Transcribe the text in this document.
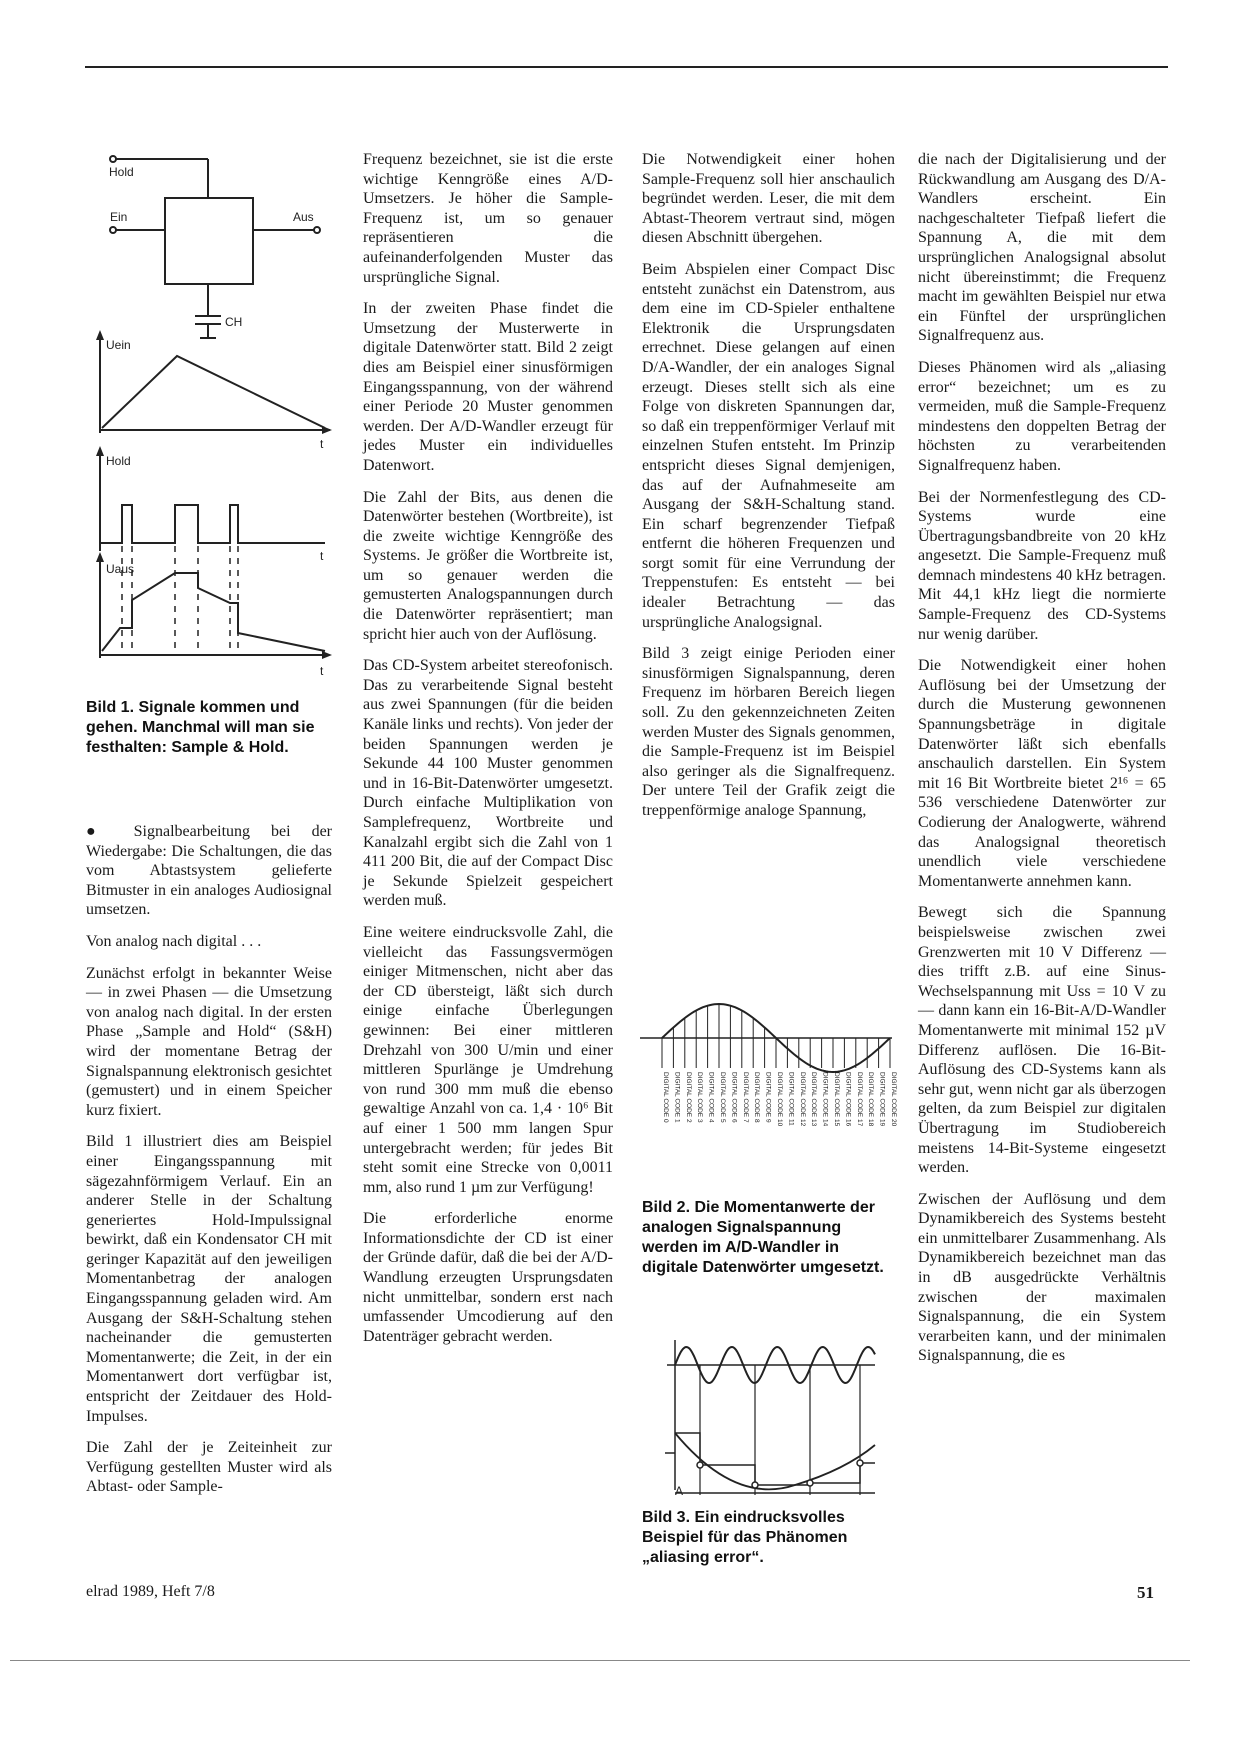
Hold
Ein	Aus
CH
Uein
Hold
Uaus
t
t
t
Bild 1. Signale kommen und gehen. Manchmal will man sie festhalten: Sample & Hold.

● Signalbearbeitung bei der Wiedergabe: Die Schaltungen, die das vom Abtastsystem gelieferte Bitmuster in ein analoges Audiosignal umsetzen.

Von analog nach digital . . .

Zunächst erfolgt in bekannter Weise — in zwei Phasen — die Umsetzung von analog nach digital. In der ersten Phase „Sample and Hold“ (S&H) wird der momentane Betrag der Signalspannung elektronisch gesichtet (gemustert) und in einem Speicher kurz fixiert.

Bild 1 illustriert dies am Beispiel einer Eingangsspannung mit sägezahnförmigem Verlauf. Ein an anderer Stelle in der Schaltung generiertes Hold-Impulssignal bewirkt, daß ein Kondensator CH mit geringer Kapazität auf den jeweiligen Momentanbetrag der analogen Eingangsspannung geladen wird. Am Ausgang der S&H-Schaltung stehen nacheinander die gemusterten Momentanwerte; die Zeit, in der ein Momentanwert dort verfügbar ist, entspricht der Zeitdauer des Hold-Impulses.

Die Zahl der je Zeiteinheit zur Verfügung gestellten Muster wird als Abtast- oder Sample-

Frequenz bezeichnet, sie ist die erste wichtige Kenngröße eines A/D-Umsetzers. Je höher die Sample-Frequenz ist, um so genauer repräsentieren die aufeinanderfolgenden Muster das ursprüngliche Signal.

In der zweiten Phase findet die Umsetzung der Musterwerte in digitale Datenwörter statt. Bild 2 zeigt dies am Beispiel einer sinusförmigen Eingangsspannung, von der während einer Periode 20 Muster genommen werden. Der A/D-Wandler erzeugt für jedes Muster ein individuelles Datenwort.

Die Zahl der Bits, aus denen die Datenwörter bestehen (Wortbreite), ist die zweite wichtige Kenngröße des Systems. Je größer die Wortbreite ist, um so genauer werden die gemusterten Analogspannungen durch die Datenwörter repräsentiert; man spricht hier auch von der Auflösung.

Das CD-System arbeitet stereofonisch. Das zu verarbeitende Signal besteht aus zwei Spannungen (für die beiden Kanäle links und rechts). Von jeder der beiden Spannungen werden je Sekunde 44 100 Muster genommen und in 16-Bit-Datenwörter umgesetzt. Durch einfache Multiplikation von Samplefrequenz, Wortbreite und Kanalzahl ergibt sich die Zahl von 1 411 200 Bit, die auf der Compact Disc je Sekunde Spielzeit gespeichert werden muß.

Eine weitere eindrucksvolle Zahl, die vielleicht das Fassungsvermögen einiger Mitmenschen, nicht aber das der CD übersteigt, läßt sich durch einige einfache Überlegungen gewinnen: Bei einer mittleren Drehzahl von 300 U/min und einer mittleren Spurlänge je Umdrehung von rund 300 mm muß die ebenso gewaltige Anzahl von ca. 1,4 · 10⁶ Bit auf einer 1 500 mm langen Spur untergebracht werden; für jedes Bit steht somit eine Strecke von 0,0011 mm, also rund 1 µm zur Verfügung!

Die erforderliche enorme Informationsdichte der CD ist einer der Gründe dafür, daß die bei der A/D-Wandlung erzeugten Ursprungsdaten nicht unmittelbar, sondern erst nach umfassender Umcodierung auf den Datenträger gebracht werden.

Die Notwendigkeit einer hohen Sample-Frequenz soll hier anschaulich begründet werden. Leser, die mit dem Abtast-Theorem vertraut sind, mögen diesen Abschnitt übergehen.

Beim Abspielen einer Compact Disc entsteht zunächst ein Datenstrom, aus dem eine im CD-Spieler enthaltene Elektronik die Ursprungsdaten errechnet. Diese gelangen auf einen D/A-Wandler, der ein analoges Signal erzeugt. Dieses stellt sich als eine Folge von diskreten Spannungen dar, so daß ein treppenförmiger Verlauf mit einzelnen Stufen entsteht. Im Prinzip entspricht dieses Signal demjenigen, das auf der Aufnahmeseite am Ausgang der S&H-Schaltung stand. Ein scharf begrenzender Tiefpaß entfernt die höheren Frequenzen und sorgt somit für eine Verrundung der Treppenstufen: Es entsteht — bei idealer Betrachtung — das ursprüngliche Analogsignal.

Bild 3 zeigt einige Perioden einer sinusförmigen Signalspannung, deren Frequenz im hörbaren Bereich liegen soll. Zu den gekennzeichneten Zeiten werden Muster des Signals genommen, die Sample-Frequenz ist im Beispiel also geringer als die Signalfrequenz. Der untere Teil der Grafik zeigt die treppenförmige analoge Spannung,

DIGITAL CODE 0 DIGITAL CODE 1 DIGITAL CODE 2 DIGITAL CODE 3 DIGITAL CODE 4 DIGITAL CODE 5 DIGITAL CODE 6 DIGITAL CODE 7 DIGITAL CODE 8 DIGITAL CODE 9 DIGITAL CODE 10 DIGITAL CODE 11 DIGITAL CODE 12 DIGITAL CODE 13 DIGITAL CODE 14 DIGITAL CODE 15 DIGITAL CODE 16 DIGITAL CODE 17 DIGITAL CODE 18 DIGITAL CODE 19 DIGITAL CODE 20
Bild 2. Die Momentanwerte der analogen Signalspannung werden im A/D-Wandler in digitale Datenwörter umgesetzt.
A
Bild 3. Ein eindrucksvolles Beispiel für das Phänomen „aliasing error“.

die nach der Digitalisierung und der Rückwandlung am Ausgang des D/A-Wandlers erscheint. Ein nachgeschalteter Tiefpaß liefert die Spannung A, die mit dem ursprünglichen Analogsignal absolut nicht übereinstimmt; die Frequenz macht im gewählten Beispiel nur etwa ein Fünftel der ursprünglichen Signalfrequenz aus.

Dieses Phänomen wird als „aliasing error“ bezeichnet; um es zu vermeiden, muß die Sample-Frequenz mindestens den doppelten Betrag der höchsten zu verarbeitenden Signalfrequenz haben.

Bei der Normenfestlegung des CD-Systems wurde eine Übertragungsbandbreite von 20 kHz angesetzt. Die Sample-Frequenz muß demnach mindestens 40 kHz betragen. Mit 44,1 kHz liegt die normierte Sample-Frequenz des CD-Systems nur wenig darüber.

Die Notwendigkeit einer hohen Auflösung bei der Umsetzung der durch die Musterung gewonnenen Spannungsbeträge in digitale Datenwörter läßt sich ebenfalls anschaulich darstellen. Ein System mit 16 Bit Wortbreite bietet 2¹⁶ = 65 536 verschiedene Datenwörter zur Codierung der Analogwerte, während das Analogsignal theoretisch unendlich viele verschiedene Momentanwerte annehmen kann.

Bewegt sich die Spannung beispielsweise zwischen zwei Grenzwerten mit 10 V Differenz — dies trifft z.B. auf eine Sinus-Wechselspannung mit Uss = 10 V zu — dann kann ein 16-Bit-A/D-Wandler Momentanwerte mit minimal 152 µV Differenz auflösen. Die 16-Bit-Auflösung des CD-Systems kann als sehr gut, wenn nicht gar als überzogen gelten, da zum Beispiel zur digitalen Übertragung im Studiobereich meistens 14-Bit-Systeme eingesetzt werden.

Zwischen der Auflösung und dem Dynamikbereich des Systems besteht ein unmittelbarer Zusammenhang. Als Dynamikbereich bezeichnet man das in dB ausgedrückte Verhältnis zwischen der maximalen Signalspannung, die ein System verarbeiten kann, und der minimalen Signalspannung, die es

elrad 1989, Heft 7/8	51
